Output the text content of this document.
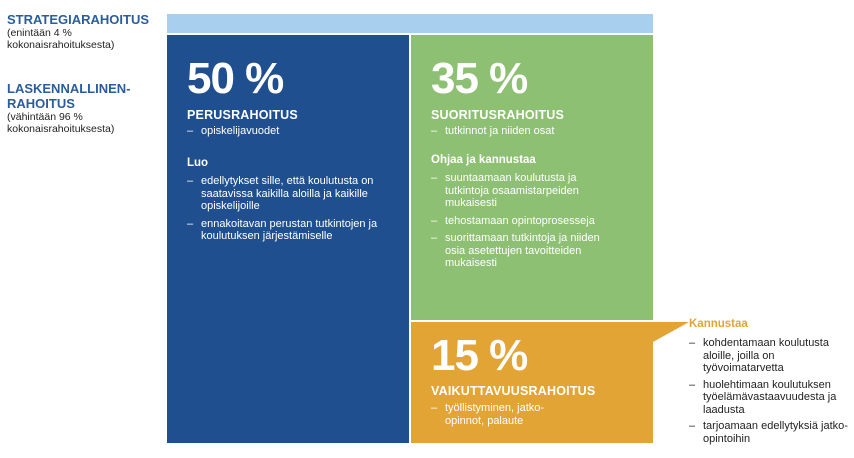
STRATEGIARAHOITUS
(enintään 4 %
kokonaisrahoituksesta)
LASKENNALLINEN-
RAHOITUS
(vähintään 96 %
kokonaisrahoituksesta)
50 %
PERUSRAHOITUS
– opiskelijavuodet
Luo
– edellytykset sille, että koulutusta on saatavissa kaikilla aloilla ja kaikille opiskelijoille
– ennakoitavan perustan tutkintojen ja koulutuksen järjestämiselle
35 %
SUORITUSRAHOITUS
– tutkinnot ja niiden osat
Ohjaa ja kannustaa
– suuntaamaan koulutusta ja tutkintoja osaamistarpeiden mukaisesti
– tehostamaan opintoprosesseja
– suorittamaan tutkintoja ja niiden osia asetettujen tavoitteiden mukaisesti
15 %
VAIKUTTAVUUSRAHOITUS
– työllistyminen, jatko-opinnot, palaute
Kannustaa
– kohdentamaan koulutusta aloille, joilla on työvoimatarvetta
– huolehtimaan koulutuksen työelämävastaavuudesta ja laadusta
– tarjoamaan edellytyksiä jatko-opintoihin
